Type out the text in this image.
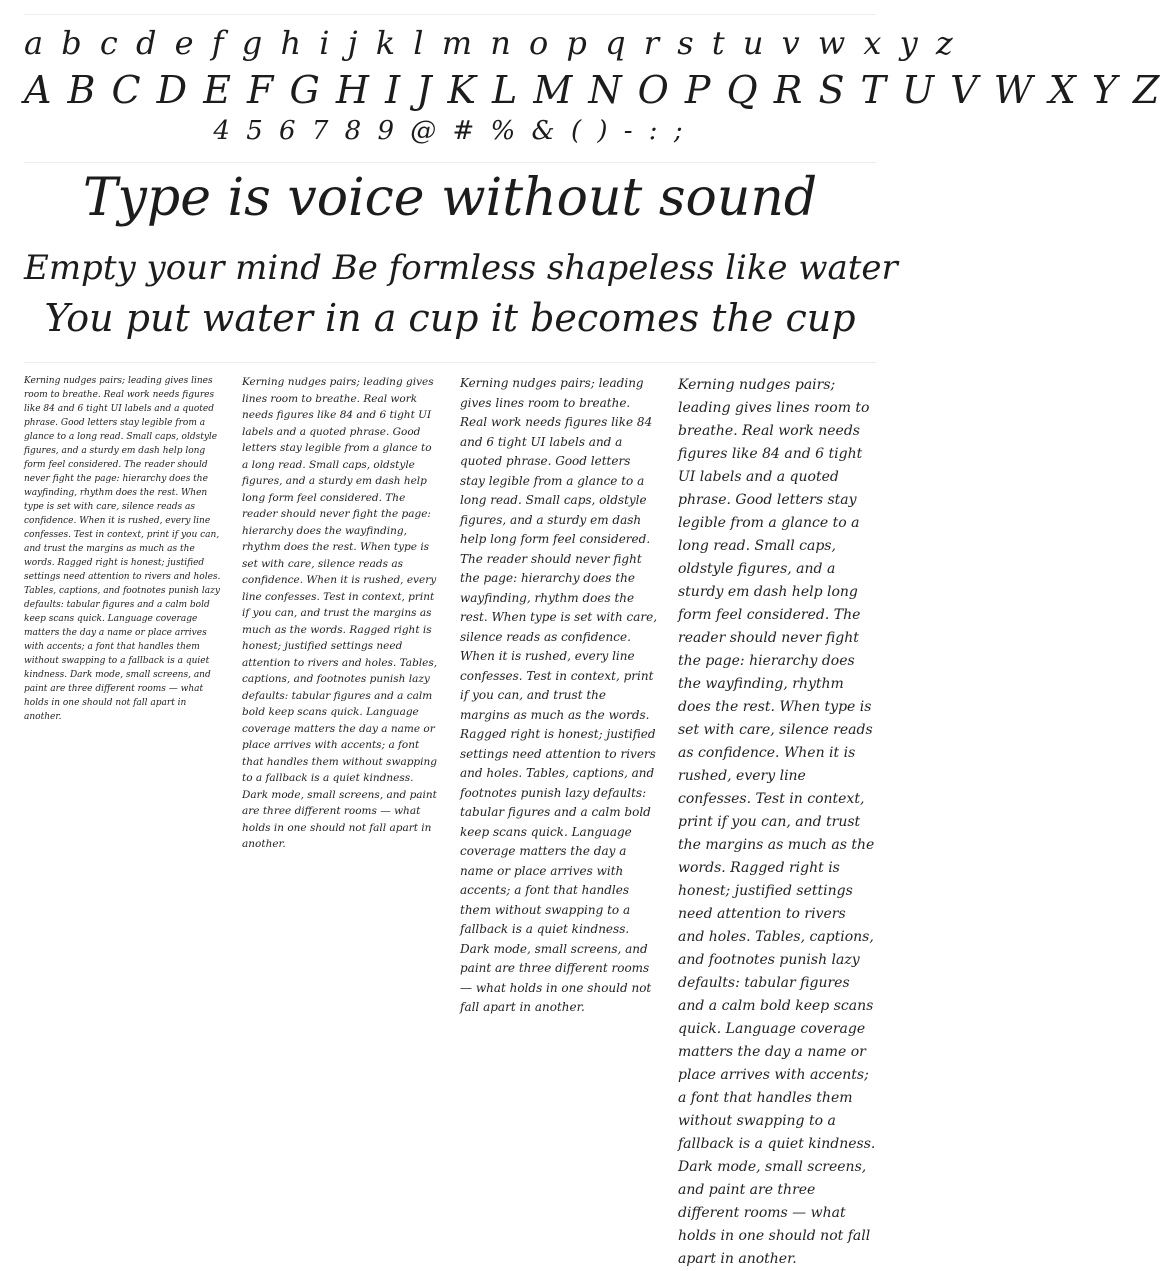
a b c d e f g h i j k l m n o p q r s t u v w x y z
A B C D E F G H I J K L M N O P Q R S T U V W X Y Z
4 5 6 7 8 9 @ # % & ( ) - : ;
Type is voice without sound
Empty your mind Be formless shapeless like water
You put water in a cup it becomes the cup
Kerning nudges pairs; leading gives lines room to breathe. Real work needs figures like 84 and 6 tight UI labels and a quoted phrase. Good letters stay legible from a glance to a long read. Small caps, oldstyle figures, and a sturdy em dash help long form feel considered. The reader should never fight the page: hierarchy does the wayfinding, rhythm does the rest. When type is set with care, silence reads as confidence. When it is rushed, every line confesses. Test in context, print if you can, and trust the margins as much as the words. Ragged right is honest; justified settings need attention to rivers and holes. Tables, captions, and footnotes punish lazy defaults: tabular figures and a calm bold keep scans quick. Language coverage matters the day a name or place arrives with accents; a font that handles them without swapping to a fallback is a quiet kindness. Dark mode, small screens, and paint are three different rooms — what holds in one should not fall apart in another.
Kerning nudges pairs; leading gives lines room to breathe. Real work needs figures like 84 and 6 tight UI labels and a quoted phrase. Good letters stay legible from a glance to a long read. Small caps, oldstyle figures, and a sturdy em dash help long form feel considered. The reader should never fight the page: hierarchy does the wayfinding, rhythm does the rest. When type is set with care, silence reads as confidence. When it is rushed, every line confesses. Test in context, print if you can, and trust the margins as much as the words. Ragged right is honest; justified settings need attention to rivers and holes. Tables, captions, and footnotes punish lazy defaults: tabular figures and a calm bold keep scans quick. Language coverage matters the day a name or place arrives with accents; a font that handles them without swapping to a fallback is a quiet kindness. Dark mode, small screens, and paint are three different rooms — what holds in one should not fall apart in another.
Kerning nudges pairs; leading gives lines room to breathe. Real work needs figures like 84 and 6 tight UI labels and a quoted phrase. Good letters stay legible from a glance to a long read. Small caps, oldstyle figures, and a sturdy em dash help long form feel considered. The reader should never fight the page: hierarchy does the wayfinding, rhythm does the rest. When type is set with care, silence reads as confidence. When it is rushed, every line confesses. Test in context, print if you can, and trust the margins as much as the words. Ragged right is honest; justified settings need attention to rivers and holes. Tables, captions, and footnotes punish lazy defaults: tabular figures and a calm bold keep scans quick. Language coverage matters the day a name or place arrives with accents; a font that handles them without swapping to a fallback is a quiet kindness. Dark mode, small screens, and paint are three different rooms — what holds in one should not fall apart in another.
Kerning nudges pairs; leading gives lines room to breathe. Real work needs figures like 84 and 6 tight UI labels and a quoted phrase. Good letters stay legible from a glance to a long read. Small caps, oldstyle figures, and a sturdy em dash help long form feel considered. The reader should never fight the page: hierarchy does the wayfinding, rhythm does the rest. When type is set with care, silence reads as confidence. When it is rushed, every line confesses. Test in context, print if you can, and trust the margins as much as the words. Ragged right is honest; justified settings need attention to rivers and holes. Tables, captions, and footnotes punish lazy defaults: tabular figures and a calm bold keep scans quick. Language coverage matters the day a name or place arrives with accents; a font that handles them without swapping to a fallback is a quiet kindness. Dark mode, small screens, and paint are three different rooms — what holds in one should not fall apart in another.
